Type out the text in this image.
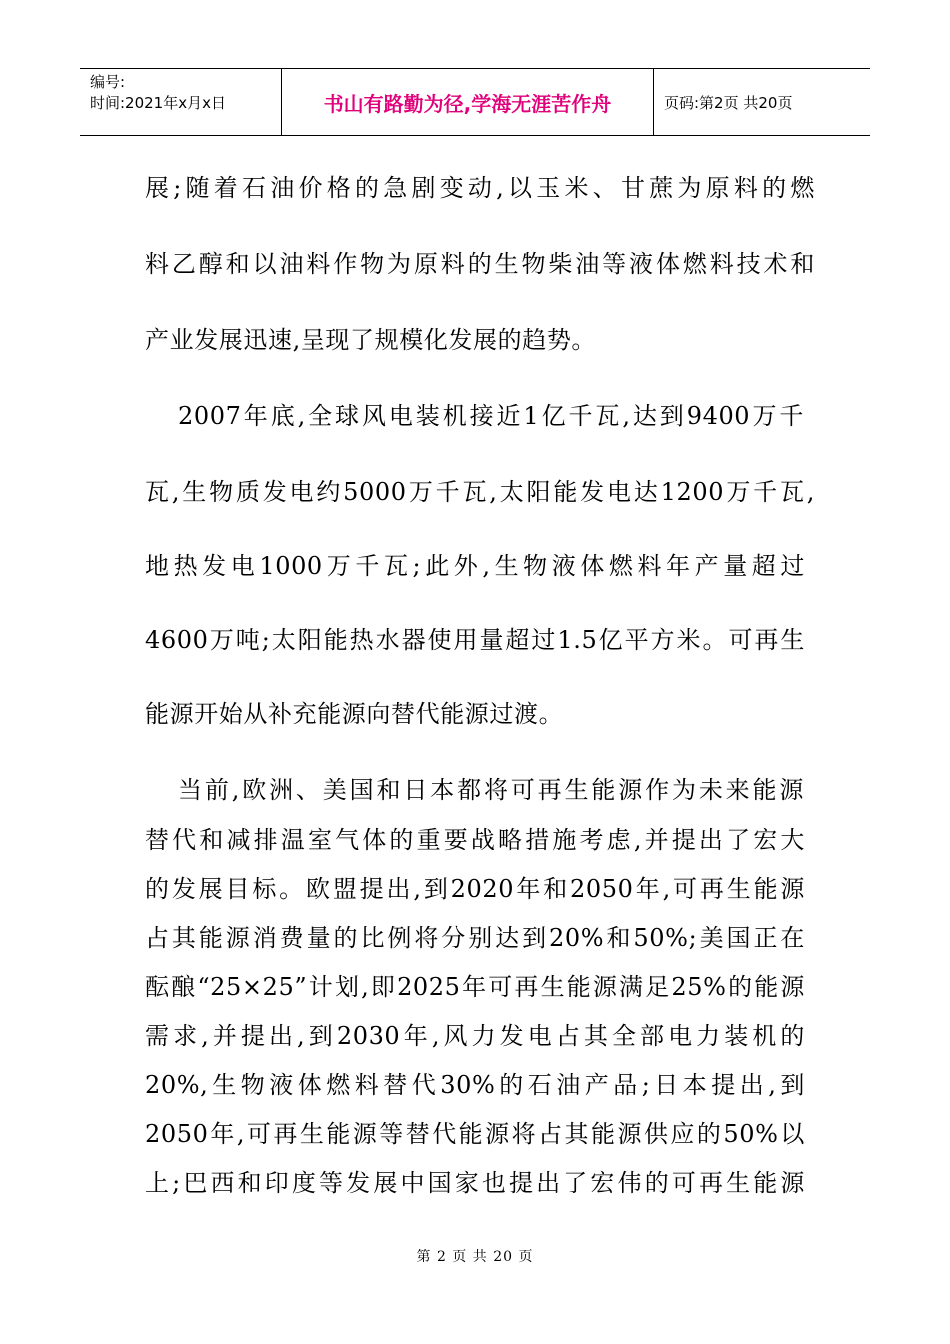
编号:
时间:2021年x月x日	书山有路勤为径,学海无涯苦作舟	页码:第2页 共20页
展;随着石油价格的急剧变动,以玉米、甘蔗为原料的燃
料乙醇和以油料作物为原料的生物柴油等液体燃料技术和
产业发展迅速,呈现了规模化发展的趋势。
2007年底,全球风电装机接近1亿千瓦,达到9400万千
瓦,生物质发电约5000万千瓦,太阳能发电达1200万千瓦,
地热发电1000万千瓦;此外,生物液体燃料年产量超过
4600万吨;太阳能热水器使用量超过1.5亿平方米。可再生
能源开始从补充能源向替代能源过渡。
当前,欧洲、美国和日本都将可再生能源作为未来能源
替代和减排温室气体的重要战略措施考虑,并提出了宏大
的发展目标。欧盟提出,到2020年和2050年,可再生能源
占其能源消费量的比例将分别达到20%和50%;美国正在
酝酿“25×25”计划,即2025年可再生能源满足25%的能源
需求,并提出,到2030年,风力发电占其全部电力装机的
20%,生物液体燃料替代30%的石油产品;日本提出,到
2050年,可再生能源等替代能源将占其能源供应的50%以
上;巴西和印度等发展中国家也提出了宏伟的可再生能源
第 2 页 共 20 页
